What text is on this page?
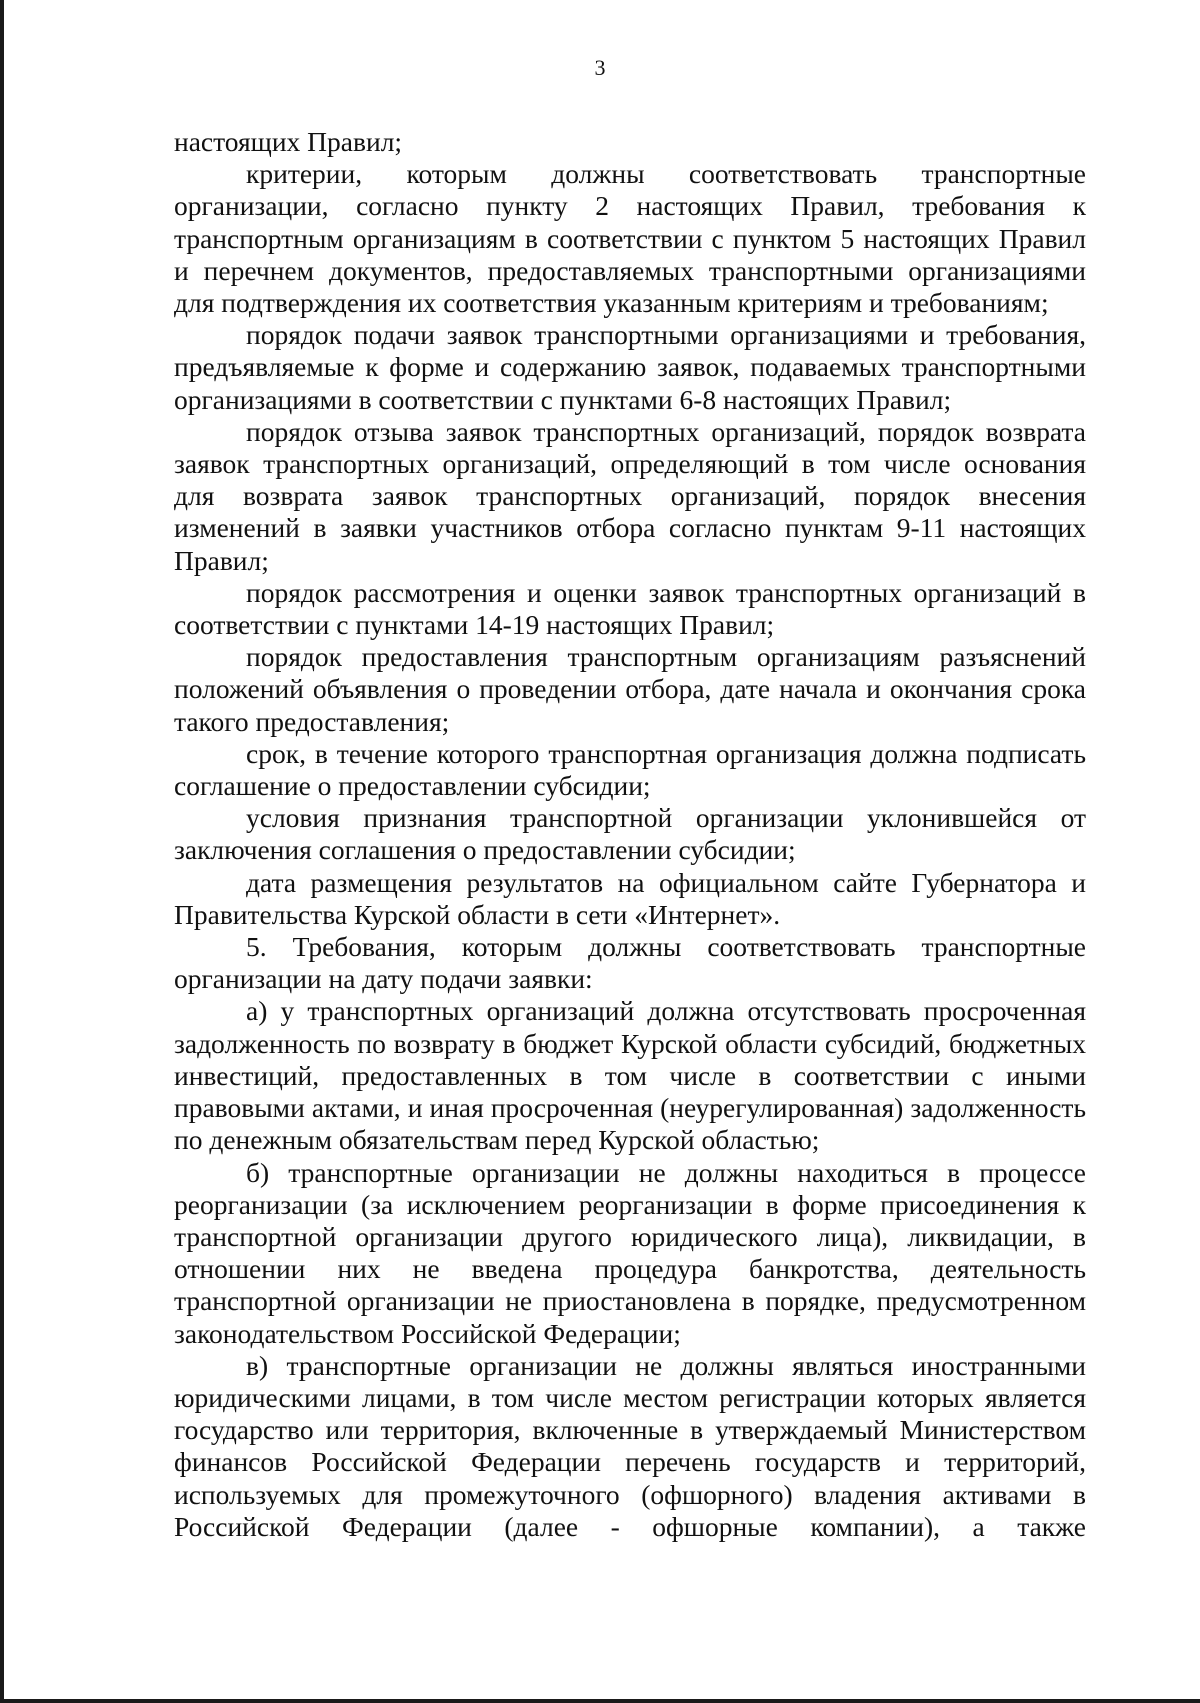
3

настоящих Правил;

критерии, которым должны соответствовать транспортные организации, согласно пункту 2 настоящих Правил, требования к транспортным организациям в соответствии с пунктом 5 настоящих Правил и перечнем документов, предоставляемых транспортными организациями для подтверждения их соответствия указанным критериям и требованиям;

порядок подачи заявок транспортными организациями и требования, предъявляемые к форме и содержанию заявок, подаваемых транспортными организациями в соответствии с пунктами 6-8 настоящих Правил;

порядок отзыва заявок транспортных организаций, порядок возврата заявок транспортных организаций, определяющий в том числе основания для возврата заявок транспортных организаций, порядок внесения изменений в заявки участников отбора согласно пунктам 9-11 настоящих Правил;

порядок рассмотрения и оценки заявок транспортных организаций в соответствии с пунктами 14-19 настоящих Правил;

порядок предоставления транспортным организациям разъяснений положений объявления о проведении отбора, дате начала и окончания срока такого предоставления;

срок, в течение которого транспортная организация должна подписать соглашение о предоставлении субсидии;

условия признания транспортной организации уклонившейся от заключения соглашения о предоставлении субсидии;

дата размещения результатов на официальном сайте Губернатора и Правительства Курской области в сети «Интернет».

5. Требования, которым должны соответствовать транспортные организации на дату подачи заявки:

а) у транспортных организаций должна отсутствовать просроченная задолженность по возврату в бюджет Курской области субсидий, бюджетных инвестиций, предоставленных в том числе в соответствии с иными правовыми актами, и иная просроченная (неурегулированная) задолженность по денежным обязательствам перед Курской областью;

б) транспортные организации не должны находиться в процессе реорганизации (за исключением реорганизации в форме присоединения к транспортной организации другого юридического лица), ликвидации, в отношении них не введена процедура банкротства, деятельность транспортной организации не приостановлена в порядке, предусмотренном законодательством Российской Федерации;

в) транспортные организации не должны являться иностранными юридическими лицами, в том числе местом регистрации которых является государство или территория, включенные в утверждаемый Министерством финансов Российской Федерации перечень государств и территорий, используемых для промежуточного (офшорного) владения активами в Российской Федерации (далее - офшорные компании), а также
